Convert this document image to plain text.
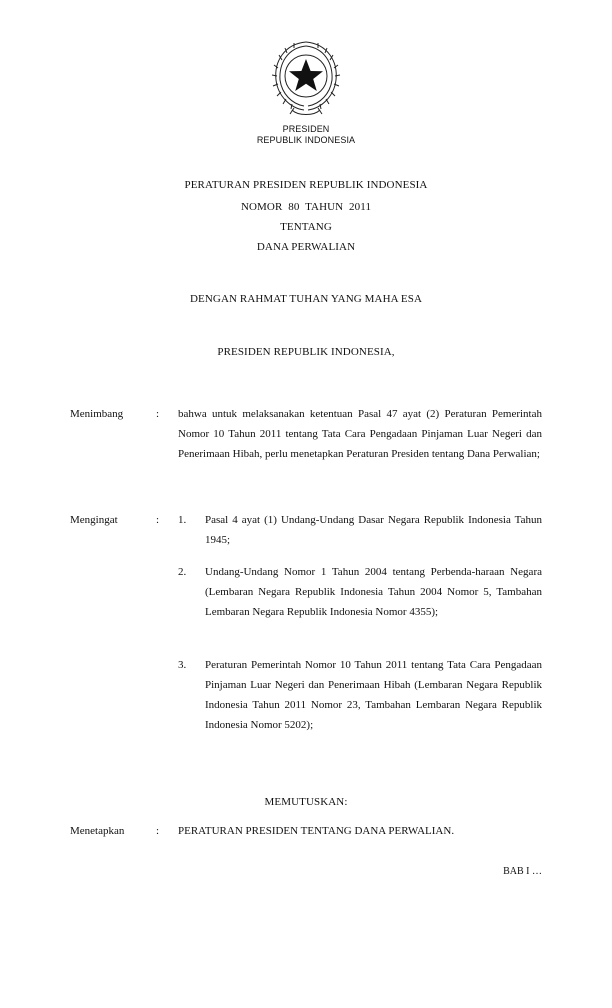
PRESIDEN
REPUBLIK INDONESIA
PERATURAN PRESIDEN REPUBLIK INDONESIA
NOMOR 80 TAHUN 2011
TENTANG
DANA PERWALIAN
DENGAN RAHMAT TUHAN YANG MAHA ESA
PRESIDEN REPUBLIK INDONESIA,
Menimbang	: bahwa untuk melaksanakan ketentuan Pasal 47 ayat (2) Peraturan Pemerintah Nomor 10 Tahun 2011 tentang Tata Cara Pengadaan Pinjaman Luar Negeri dan Penerimaan Hibah, perlu menetapkan Peraturan Presiden tentang Dana Perwalian;
Mengingat	: 1. Pasal 4 ayat (1) Undang-Undang Dasar Negara Republik Indonesia Tahun 1945;
2. Undang-Undang Nomor 1 Tahun 2004 tentang Perbenda-haraan Negara (Lembaran Negara Republik Indonesia Tahun 2004 Nomor 5, Tambahan Lembaran Negara Republik Indonesia Nomor 4355);
3. Peraturan Pemerintah Nomor 10 Tahun 2011 tentang Tata Cara Pengadaan Pinjaman Luar Negeri dan Penerimaan Hibah (Lembaran Negara Republik Indonesia Tahun 2011 Nomor 23, Tambahan Lembaran Negara Republik Indonesia Nomor 5202);
MEMUTUSKAN:
Menetapkan	: PERATURAN PRESIDEN TENTANG DANA PERWALIAN.
BAB I …
